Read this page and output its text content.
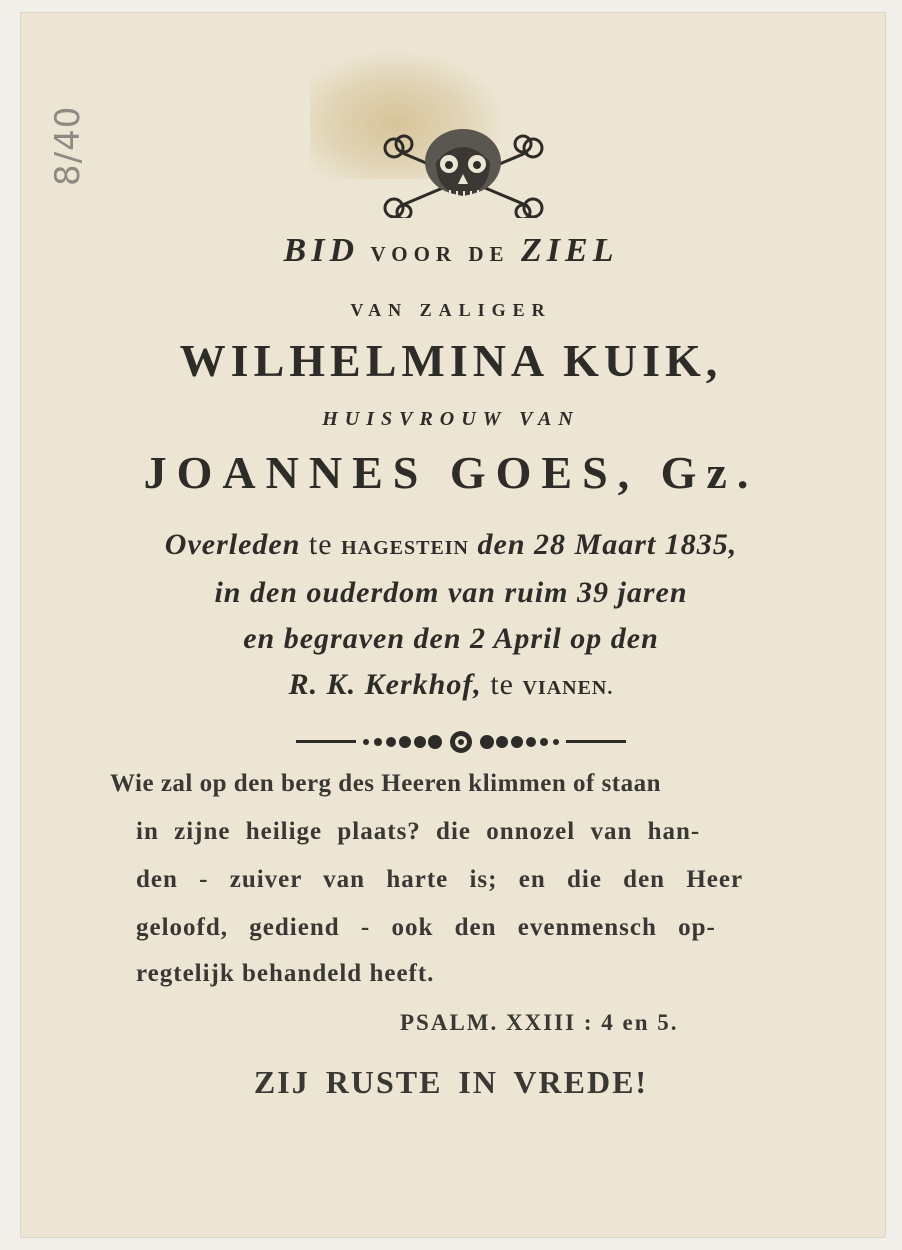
8/40
BID VOOR DE ZIEL
VAN ZALIGER
WILHELMINA KUIK,
HUISVROUW VAN
JOANNES GOES, Gz.
Overleden te HAGESTEIN den 28 Maart 1835,
in den ouderdom van ruim 39 jaren
en begraven den 2 April op den
R. K. Kerkhof, te VIANEN.
Wie zal op den berg des Heeren klimmen of staan
in zijne heilige plaats? die onnozel van han-
den - zuiver van harte is; en die den Heer
geloofd, gediend - ook den evenmensch op-
regtelijk behandeld heeft.
PSALM. XXIII : 4 en 5.
ZIJ RUSTE IN VREDE!
